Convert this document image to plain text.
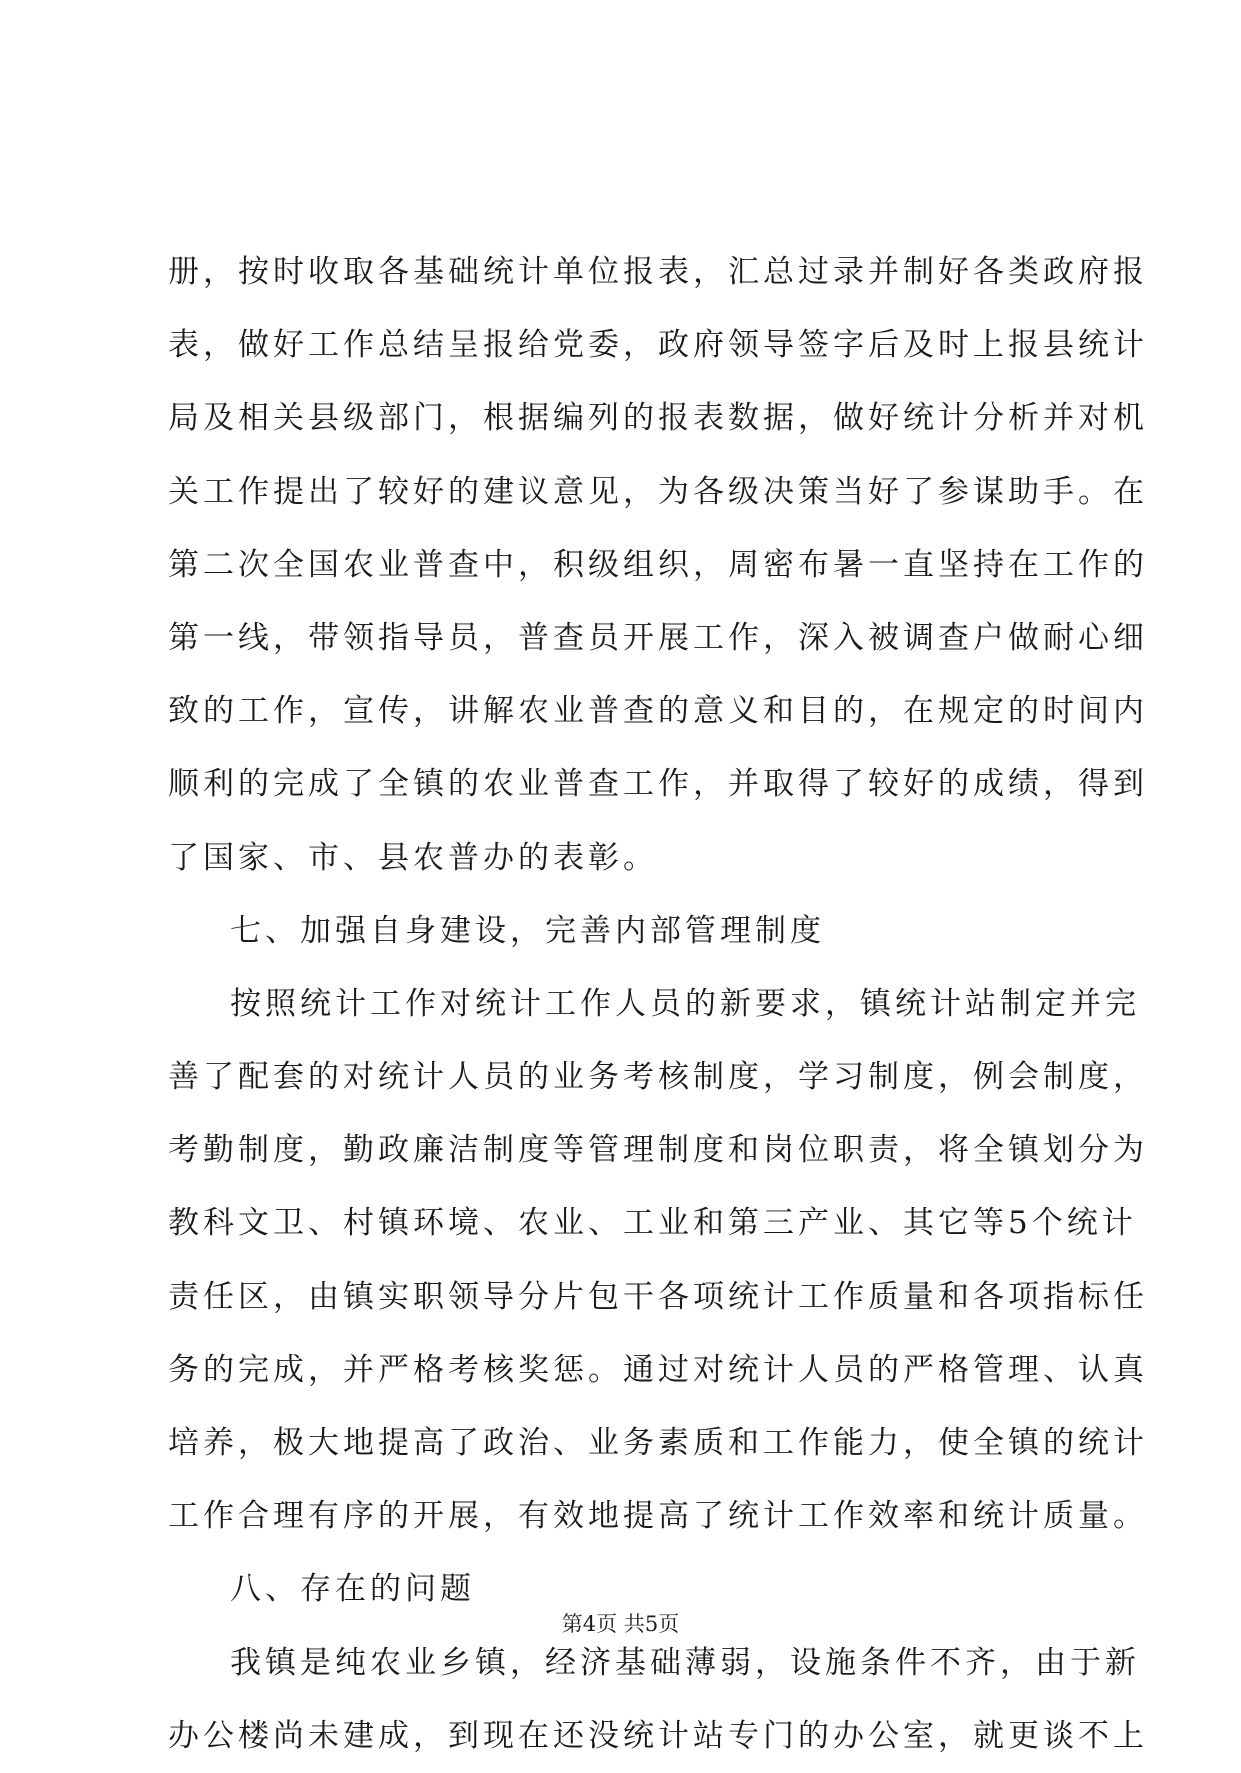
册，按时收取各基础统计单位报表，汇总过录并制好各类政府报
表，做好工作总结呈报给党委，政府领导签字后及时上报县统计
局及相关县级部门，根据编列的报表数据，做好统计分析并对机
关工作提出了较好的建议意见，为各级决策当好了参谋助手。在
第二次全国农业普查中，积级组织，周密布暑一直坚持在工作的
第一线，带领指导员，普查员开展工作，深入被调查户做耐心细
致的工作，宣传，讲解农业普查的意义和目的，在规定的时间内
顺利的完成了全镇的农业普查工作，并取得了较好的成绩，得到
了国家、市、县农普办的表彰。
七、加强自身建设，完善内部管理制度
按照统计工作对统计工作人员的新要求，镇统计站制定并完
善了配套的对统计人员的业务考核制度，学习制度，例会制度，
考勤制度，勤政廉洁制度等管理制度和岗位职责，将全镇划分为
教科文卫、村镇环境、农业、工业和第三产业、其它等5个统计
责任区，由镇实职领导分片包干各项统计工作质量和各项指标任
务的完成，并严格考核奖惩。通过对统计人员的严格管理、认真
培养，极大地提高了政治、业务素质和工作能力，使全镇的统计
工作合理有序的开展，有效地提高了统计工作效率和统计质量。
八、存在的问题
我镇是纯农业乡镇，经济基础薄弱，设施条件不齐，由于新
办公楼尚未建成，到现在还没统计站专门的办公室，就更谈不上
第4页 共5页
